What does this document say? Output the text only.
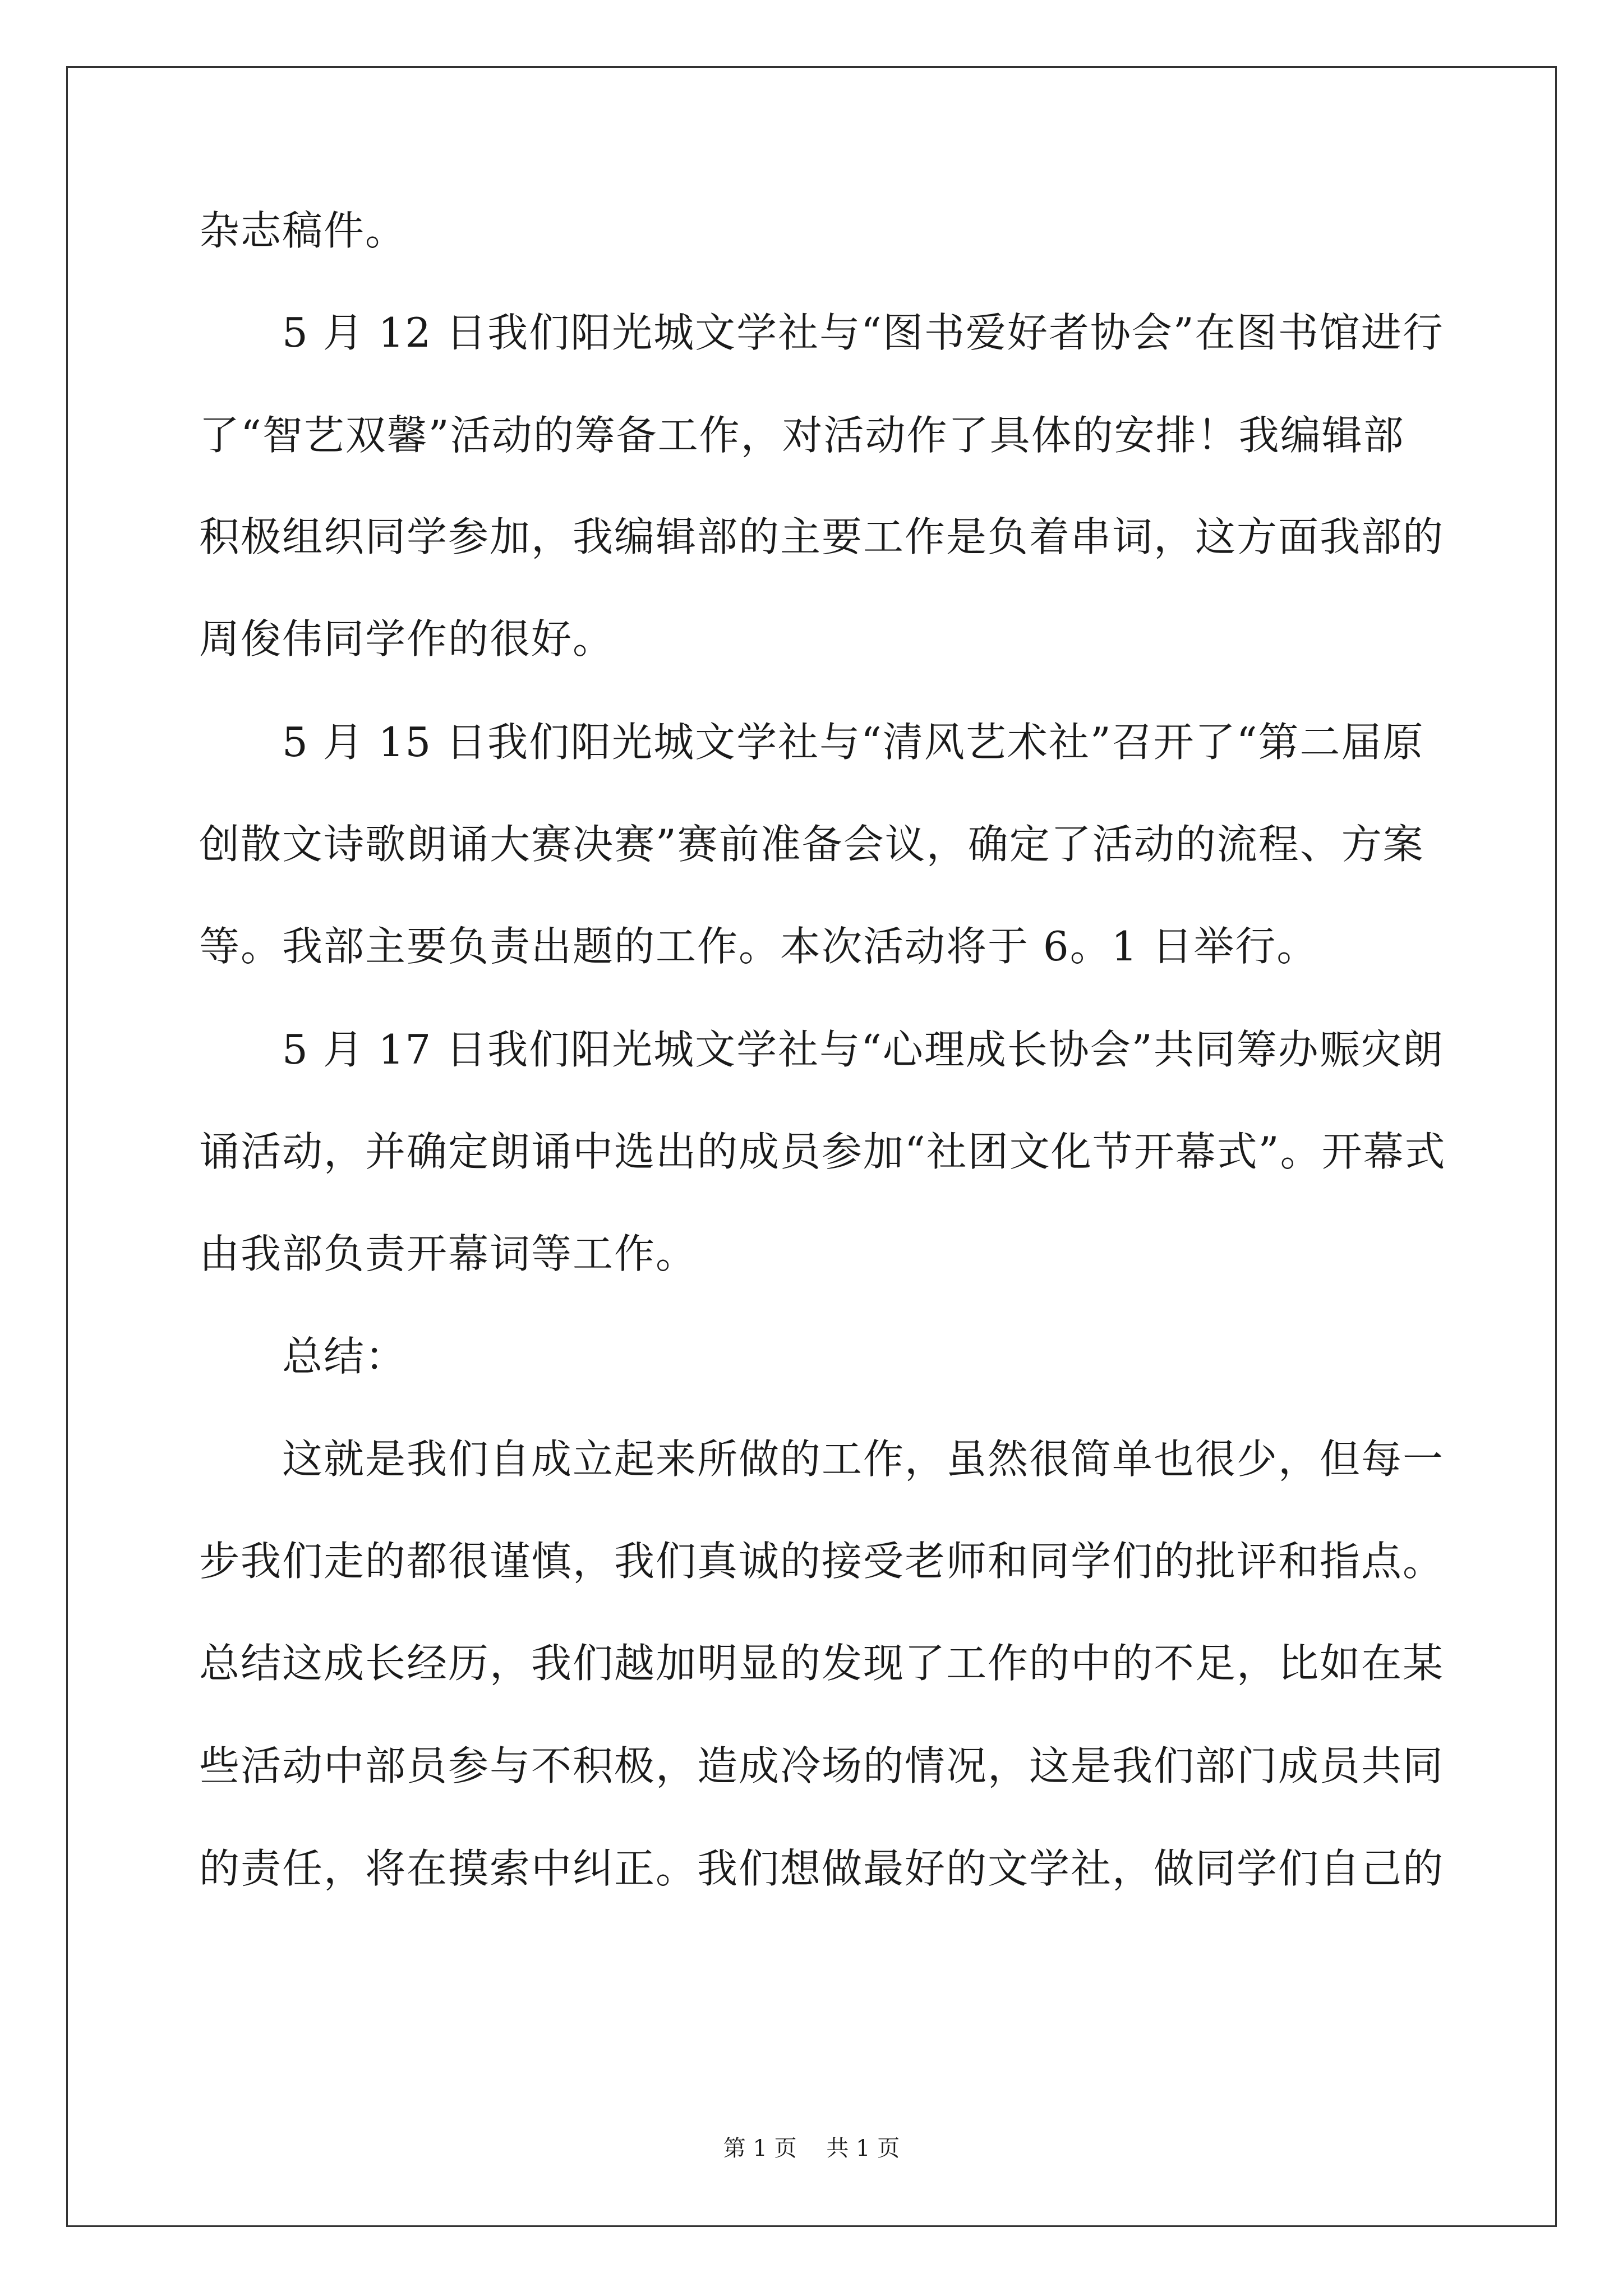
杂志稿件。
　　5 月 12 日我们阳光城文学社与“图书爱好者协会”在图书馆进行
了“智艺双馨”活动的筹备工作，对活动作了具体的安排！我编辑部
积极组织同学参加，我编辑部的主要工作是负着串词，这方面我部的
周俊伟同学作的很好。
　　5 月 15 日我们阳光城文学社与“清风艺术社”召开了“第二届原
创散文诗歌朗诵大赛决赛”赛前准备会议，确定了活动的流程、方案
等。我部主要负责出题的工作。本次活动将于 6。1 日举行。
　　5 月 17 日我们阳光城文学社与“心理成长协会”共同筹办赈灾朗
诵活动，并确定朗诵中选出的成员参加“社团文化节开幕式”。开幕式
由我部负责开幕词等工作。
　　总结：
　　这就是我们自成立起来所做的工作，虽然很简单也很少，但每一
步我们走的都很谨慎，我们真诚的接受老师和同学们的批评和指点。
总结这成长经历，我们越加明显的发现了工作的中的不足，比如在某
些活动中部员参与不积极，造成冷场的情况，这是我们部门成员共同
的责任，将在摸索中纠正。我们想做最好的文学社，做同学们自己的
第 1 页 共 1 页
